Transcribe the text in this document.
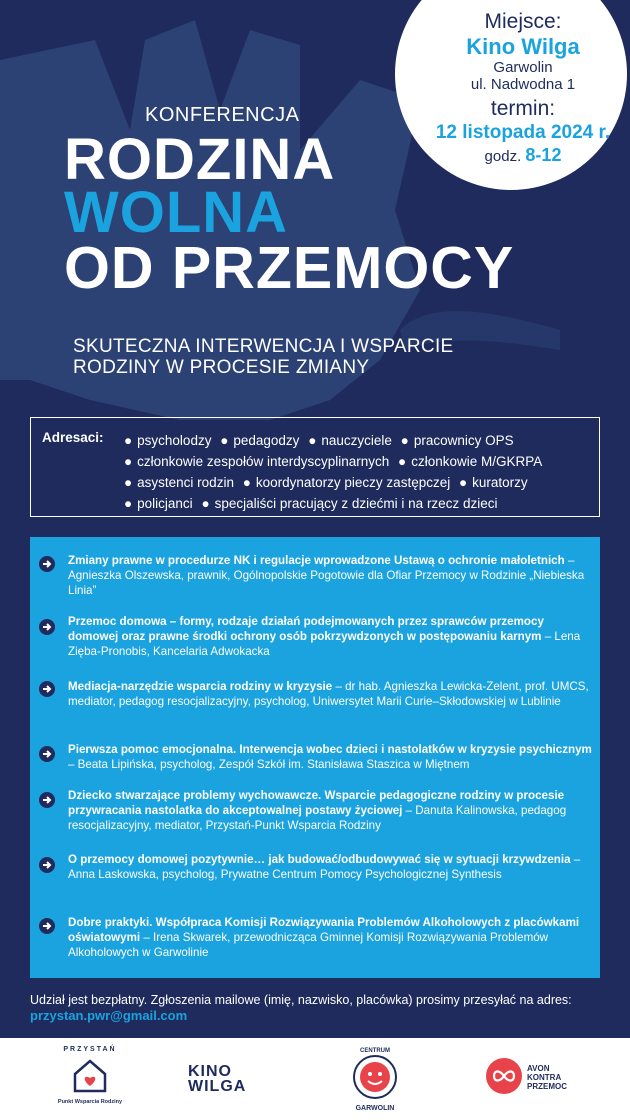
Miejsce:
Kino Wilga
Garwolin
ul. Nadwodna 1
termin:
12 listopada 2024 r.
godz. 8-12
KONFERENCJA
RODZINA
WOLNA
OD PRZEMOCY
SKUTECZNA INTERWENCJA I WSPARCIE
RODZINY W PROCESIE ZMIANY
Adresaci:	● psycholodzy ● pedagodzy ● nauczyciele ● pracownicy OPS
● członkowie zespołów interdyscyplinarnych ● członkowie M/GKRPA
● asystenci rodzin ● koordynatorzy pieczy zastępczej ● kuratorzy
● policjanci ● specjaliści pracujący z dziećmi i na rzecz dzieci
Zmiany prawne w procedurze NK i regulacje wprowadzone Ustawą o ochronie małoletnich – Agnieszka Olszewska, prawnik, Ogólnopolskie Pogotowie dla Ofiar Przemocy w Rodzinie „Niebieska Linia”
Przemoc domowa – formy, rodzaje działań podejmowanych przez sprawców przemocy domowej oraz prawne środki ochrony osób pokrzywdzonych w postępowaniu karnym – Lena Zięba-Pronobis, Kancelaria Adwokacka
Mediacja-narzędzie wsparcia rodziny w kryzysie – dr hab. Agnieszka Lewicka-Zelent, prof. UMCS, mediator, pedagog resocjalizacyjny, psycholog, Uniwersytet Marii Curie–Skłodowskiej w Lublinie
Pierwsza pomoc emocjonalna. Interwencja wobec dzieci i nastolatków w kryzysie psychicznym – Beata Lipińska, psycholog, Zespół Szkół im. Stanisława Staszica w Miętnem
Dziecko stwarzające problemy wychowawcze. Wsparcie pedagogiczne rodziny w procesie przywracania nastolatka do akceptowalnej postawy życiowej – Danuta Kalinowska, pedagog resocjalizacyjny, mediator, Przystań-Punkt Wsparcia Rodziny
O przemocy domowej pozytywnie… jak budować/odbudowywać się w sytuacji krzywdzenia – Anna Laskowska, psycholog, Prywatne Centrum Pomocy Psychologicznej Synthesis
Dobre praktyki. Współpraca Komisji Rozwiązywania Problemów Alkoholowych z placówkami oświatowymi – Irena Skwarek, przewodnicząca Gminnej Komisji Rozwiązywania Problemów Alkoholowych w Garwolinie
Udział jest bezpłatny. Zgłoszenia mailowe (imię, nazwisko, placówka) prosimy przesyłać na adres:
przystan.pwr@gmail.com
PRZYSTAŃ
Punkt Wsparcia Rodziny
KINO
WILGA
CENTRUM
GARWOLIN
AVON
KONTRA
PRZEMOC
